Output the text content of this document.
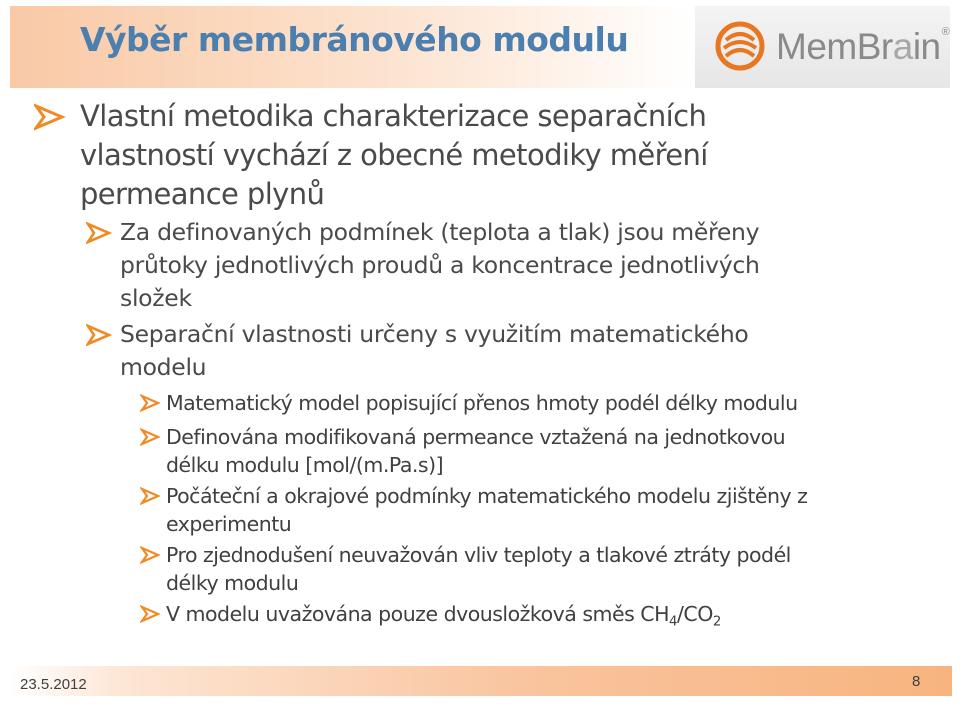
Výběr membránového modulu	MemBrain®
Vlastní metodika charakterizace separačních
vlastností vychází z obecné metodiky měření
permeance plynů
Za definovaných podmínek (teplota a tlak) jsou měřeny
průtoky jednotlivých proudů a koncentrace jednotlivých
složek
Separační vlastnosti určeny s využitím matematického
modelu
Matematický model popisující přenos hmoty podél délky modulu
Definována modifikovaná permeance vztažená na jednotkovou
délku modulu [mol/(m.Pa.s)]
Počáteční a okrajové podmínky matematického modelu zjištěny z
experimentu
Pro zjednodušení neuvažován vliv teploty a tlakové ztráty podél
délky modulu
V modelu uvažována pouze dvousložková směs $CH_4/CO_2$
23.5.2012	8
